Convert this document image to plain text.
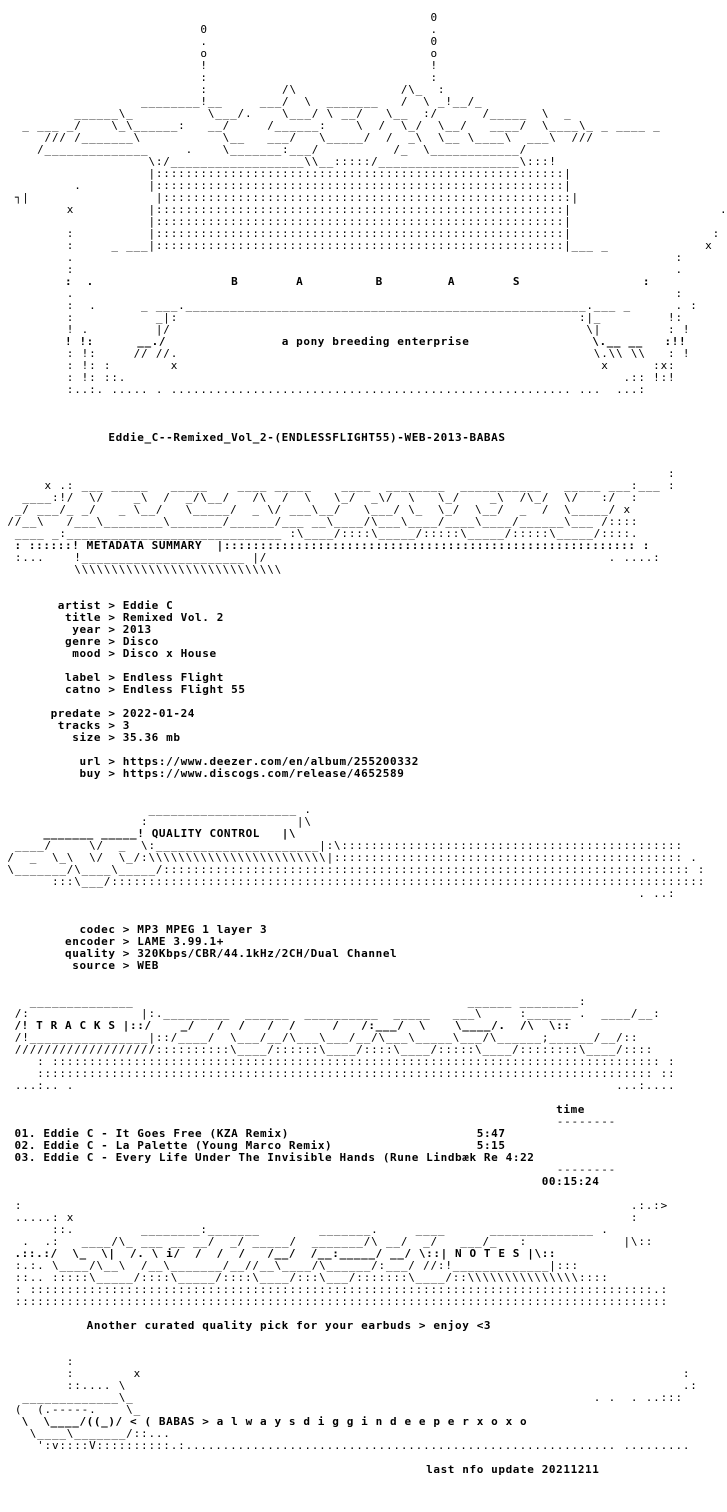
0
0                              .
.                              0
o                              o
!                              !
:                              :
:          /\              /\_  :
________!__     ___/  \  _______   /  \ _!__/_
______\_          \___/.    \___/ \ __/   \__  :/      /_____  \  _
_ ___ _/    \_\______:   __/     /______:    \  /  \_/  \__/   ____/  \____\_ _ ____ _
/// /_______\           \__   ___/   \_____/  /  _\  \__ \____\  ___\  ///
/______________     .    \_______:___/          /_  \____________/
\:/__________________\\__:::::/___________________\:::!
|:::::::::::::::::::::::::::::::::::::::::::::::::::::::|
.         |:::::::::::::::::::::::::::::::::::::::::::::::::::::::|
┐|                 |:::::::::::::::::::::::::::::::::::::::::::::::::::::::|
x          |:::::::::::::::::::::::::::::::::::::::::::::::::::::::|                    .
|:::::::::::::::::::::::::::::::::::::::::::::::::::::::|
:          |:::::::::::::::::::::::::::::::::::::::::::::::::::::::|                   :
:     _ ___|:::::::::::::::::::::::::::::::::::::::::::::::::::::::|___ _             x
.                                                                                 :
:                                                                                 .
:  .                   B	A	B	A	S                 :
.                                                                                 :
:  .      _ ___.______________________________________________________.___ _      . :
:           _|:                                                      :|_         !:
! .         |/                                                        \|         : !
! !:      __./                a pony breeding enterprise                 \.__ __   :!!
: !:     // //.                                                        \.\\ \\   : !
: !: :        x                                                         x      :x:
: !: ::.                                                                   .:: !:!
:..:. ..... . ...................................................... ...  ...:
Eddie_C--Remixed_Vol_2-(ENDLESSFLIGHT55)-WEB-2013-BABAS
:
x .: ___ _____   _____    ____ _____    ____  ________  ___________   _____ ___:___ :
____:!/  \/    _\  /  _/\__/   /\  /  \   \_/  _\/  \   \_/    _\  /\_/  \/   :/  :
_/ ___/_ _/   _ \__/   \_____/  _ \/ ___\__/   \___/ \_  \_/  \__/  _  /  \_____/ x
//__\   /___\________\_______/______/___ __\____/\___\____/____\____/______\___ /::::
____ _:_____________________________ :\____/::::\_____/:::::\_____/:::::\_____/::::.
: ::::::! METADATA SUMMARY  |::::::::::::::::::::::::::::::::::::::::::::::::::::::::: :
:...    !______________________ |/                                              . ....:
\\\\\\\\\\\\\\\\\\\\\\\\\\\\
artist > Eddie C
title > Remixed Vol. 2
year > 2013
genre > Disco
mood > Disco x House
label > Endless Flight
catno > Endless Flight 55
predate > 2022-01-24
tracks > 3
size > 35.36 mb
url > https://www.deezer.com/en/album/255200332
buy > https://www.discogs.com/release/4652589
____________________ .
:                    |\
_______ _____! QUALITY CONTROL   |\
____/     \/  _  \:______________________|:\::::::::::::::::::::::::::::::::::::::::::::::
/  _  \_\  \/  \_/:\\\\\\\\\\\\\\\\\\\\\\\\|::::::::::::::::::::::::::::::::::::::::::::::: .
\_______/\____\_____/::::::::::::::::::::::::::::::::::::::::::::::::::::::::::::::::::::::: :
:::\___/::::::::::::::::::::::::::::::::::::::::::::::::::::::::::::::::::::::::::::::::
. ..:
codec > MP3 MPEG 1 layer 3
encoder > LAME 3.99.1+
quality > 320Kbps/CBR/44.1kHz/2CH/Dual Channel
source > WEB
______________                                             ______ ________:
/:               |:._________  ______  __________  _____   ___\     :______ .  ____/__:
/! T R A C K S |::/    _/   /  /   /  /     /   /:___/  \    \____/.  /\  \::
/!________________|::/____/  \___/__/\___\___/__/\___\_____\___/\______;______/__/::
///////////////////::::::::::\____/::::::\____/::::\____/:::::\____/::::::::\____/::::
: :::::::::::::::::::::::::::::::::::::::::::::::::::::::::::::::::::::::::::::::::: :
::::::::::::::::::::::::::::::::::::::::::::::::::::::::::::::::::::::::::::::::::: ::
...:.. .                                                                         ...:....
time
--------
01. Eddie C - It Goes Free (KZA Remix)	5:47
02. Eddie C - La Palette (Young Marco Remix)	5:15
03. Eddie C - Every Life Under The Invisible Hands (Rune Lindbæk Re 4:22
--------
00:15:24
:                                                                                  .:.:>
.....: x                                                                           :
::.         ________:_______        _______.     ____      ______________ .
.  .:   ____/\_ ___ __ __/  _/ _____/  _______/\ __/  _/   ___/_   :             |\::
.::.:/  \_  \|  /. \ i/  /  /  /   /__/  /__:_____/ __/ \::| N O T E S |\::
:.:. \____/\__\  /__\_______/__//__\____/\______/:___/ //:!_____________|:::
::.. :::::\_____/::::\_____/::::\____/:::\___/:::::::\____/::\\\\\\\\\\\\\\\::::
: ::::::::::::::::::::::::::::::::::::::::::::::::::::::::::::::::::::::::::::::::::::.:
::::::::::::::::::::::::::::::::::::::::::::::::::::::::::::::::::::::::::::::::::::::::
Another curated quality pick for your earbuds > enjoy <3
:
:        x                                                                         :
::.... \                                                                           .:
_____________\_                                                              . .  . ..:::
(  (.-----.    \_
\  \____/((_)/ < ( BABAS > a l w a y s d i g g i n d e e p e r x o x o
\____\_______/::...
':v::::V::::::::::.:.......................................................... .........
last nfo update 20211211
